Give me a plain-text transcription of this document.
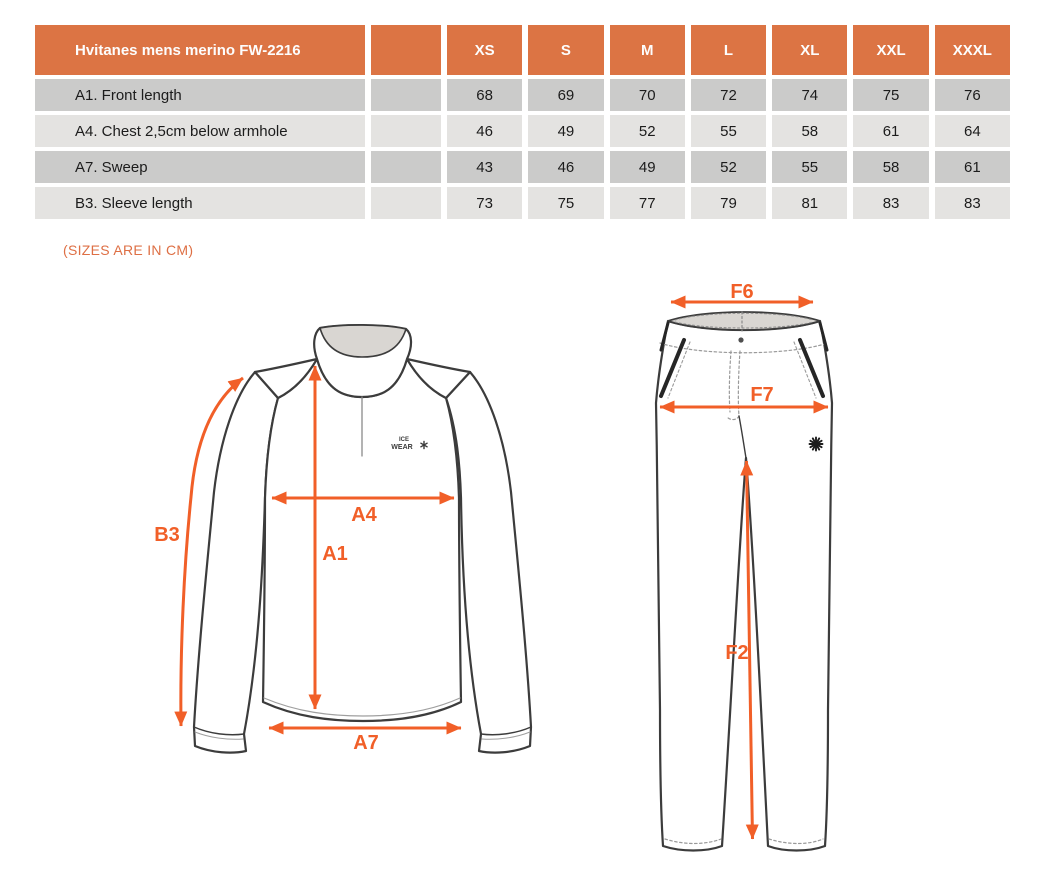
Hvitanes mens merino FW-2216	XS	S	M	L	XL	XXL	XXXL
A1. Front length	68	69	70	72	74	75	76
A4. Chest 2,5cm below armhole	46	49	52	55	58	61	64
A7. Sweep	43	46	49	52	55	58	61
B3. Sleeve length	73	75	77	79	81	83	83
(SIZES ARE IN CM)
ICE
WEAR
B3
A4
A1
A7
F6
F7
F2
